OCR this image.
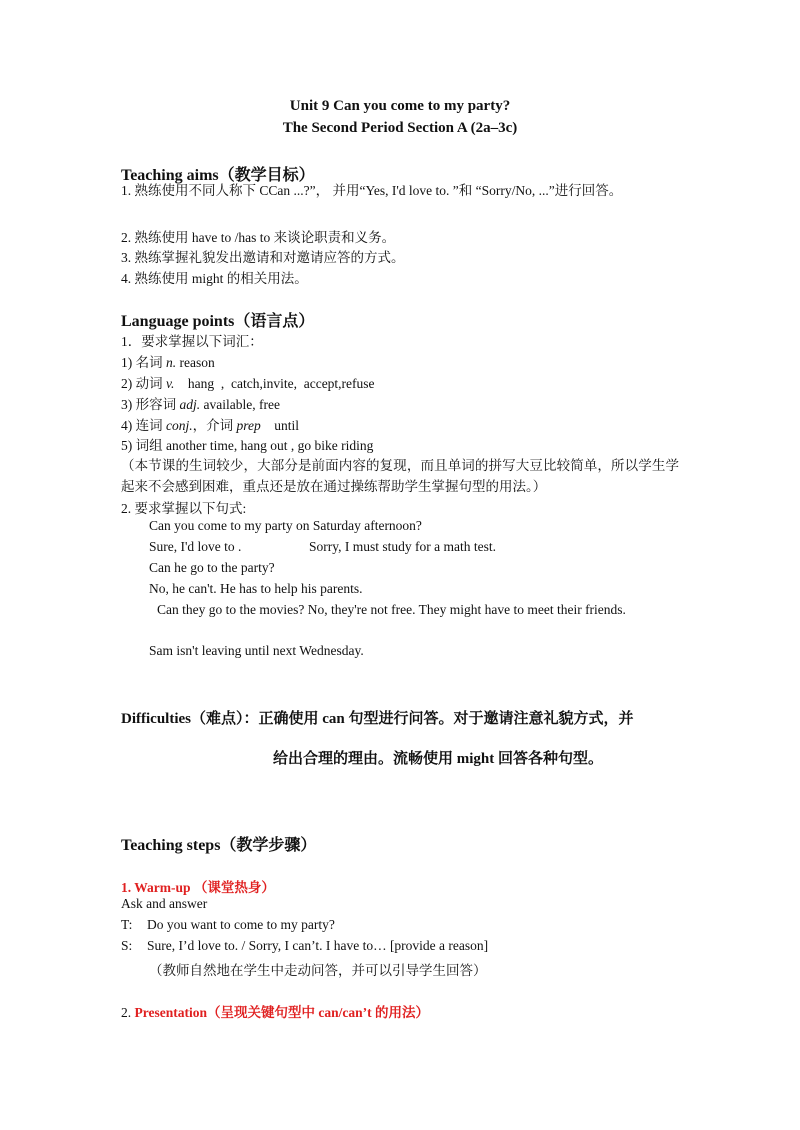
Unit 9 Can you come to my party?
The Second Period Section A (2a–3c)
Teaching aims（教学目标）
1. 熟练使用不同人称下 CCan ...?”， 并用“Yes, I'd love to. ”和 “Sorry/No, ...”进行回答。
2. 熟练使用 have to /has to 来谈论职责和义务。
3. 熟练掌握礼貌发出邀请和对邀请应答的方式。
4. 熟练使用 might 的相关用法。
Language points（语言点）
1．要求掌握以下词汇：
1) 名词 n. reason
2) 动词 v.    hang  ,  catch,invite,  accept,refuse
3) 形容词 adj. available, free
4) 连词 conj.，介词 prep    until
5) 词组 another time, hang out , go bike riding
（本节课的生词较少，大部分是前面内容的复现，而且单词的拼写大豆比较简单，所以学生学起来不会感到困难，重点还是放在通过操练帮助学生掌握句型的用法。）
2. 要求掌握以下句式:
Can you come to my party on Saturday afternoon?
Sure, I'd love to .	Sorry, I must study for a math test.
Can he go to the party?
No, he can't. He has to help his parents.
Can they go to the movies? No, they're not free. They might have to meet their friends.
Sam isn't leaving until next Wednesday.
Difficulties（难点）：正确使用 can 句型进行问答。对于邀请注意礼貌方式，并
给出合理的理由。流畅使用 might 回答各种句型。
Teaching steps（教学步骤）
1. Warm-up （课堂热身）
Ask and answer
T: Do you want to come to my party?
S: Sure, I’d love to. / Sorry, I can’t. I have to… [provide a reason]
（教师自然地在学生中走动问答，并可以引导学生回答）
2. Presentation（呈现关键句型中 can/can’t 的用法）
